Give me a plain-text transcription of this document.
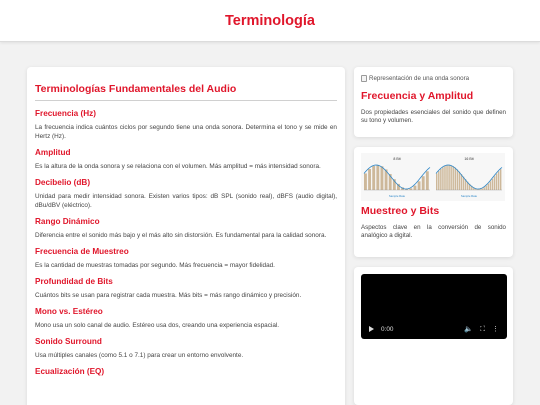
Terminología
Terminologías Fundamentales del Audio
Frecuencia (Hz)

La frecuencia indica cuántos ciclos por segundo tiene una onda sonora. Determina el tono y se mide en Hertz (Hz).

Amplitud

Es la altura de la onda sonora y se relaciona con el volumen. Más amplitud = más intensidad sonora.

Decibelio (dB)

Unidad para medir intensidad sonora. Existen varios tipos: dB SPL (sonido real), dBFS (audio digital), dBu/dBV (eléctrico).

Rango Dinámico

Diferencia entre el sonido más bajo y el más alto sin distorsión. Es fundamental para la calidad sonora.

Frecuencia de Muestreo

Es la cantidad de muestras tomadas por segundo. Más frecuencia = mayor fidelidad.

Profundidad de Bits

Cuántos bits se usan para registrar cada muestra. Más bits = más rango dinámico y precisión.

Mono vs. Estéreo

Mono usa un solo canal de audio. Estéreo usa dos, creando una experiencia espacial.

Sonido Surround

Usa múltiples canales (como 5.1 o 7.1) para crear un entorno envolvente.

Ecualización (EQ)
Representación de una onda sonora
Frecuencia y Amplitud

Dos propiedades esenciales del sonido que definen su tono y volumen.

8 Bit	16 Bit
Sample Rate	Sample Rate
Muestreo y Bits

Aspectos clave en la conversión de sonido analógico a digital.

0:00	🔈 ⛶ ⋮
